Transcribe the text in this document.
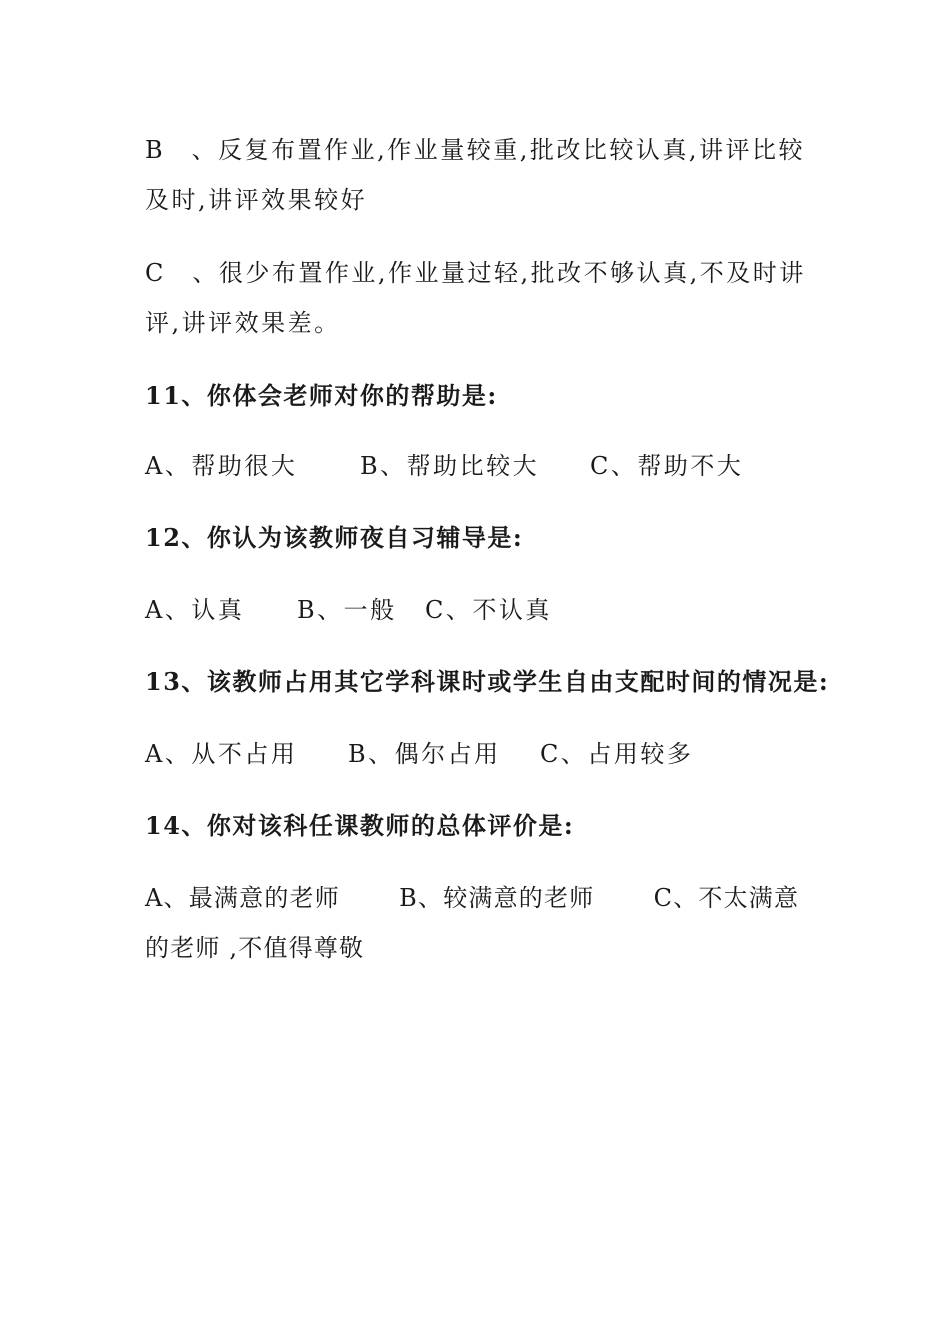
B　、反复布置作业,作业量较重,批改比较认真,讲评比较及时,讲评效果较好
C　、很少布置作业,作业量过轻,批改不够认真,不及时讲评,讲评效果差。
11、你体会老师对你的帮助是:
A、帮助很大	B、帮助比较大 C、帮助不大
12、你认为该教师夜自习辅导是:
A、认真 B、一般 C、不认真
13、该教师占用其它学科课时或学生自由支配时间的情况是:
A、从不占用 B、偶尔占用 C、占用较多
14、你对该科任课教师的总体评价是:
A、最满意的老师　　 B、较满意的老师　　 C、不太满意的老师 ,不值得尊敬
